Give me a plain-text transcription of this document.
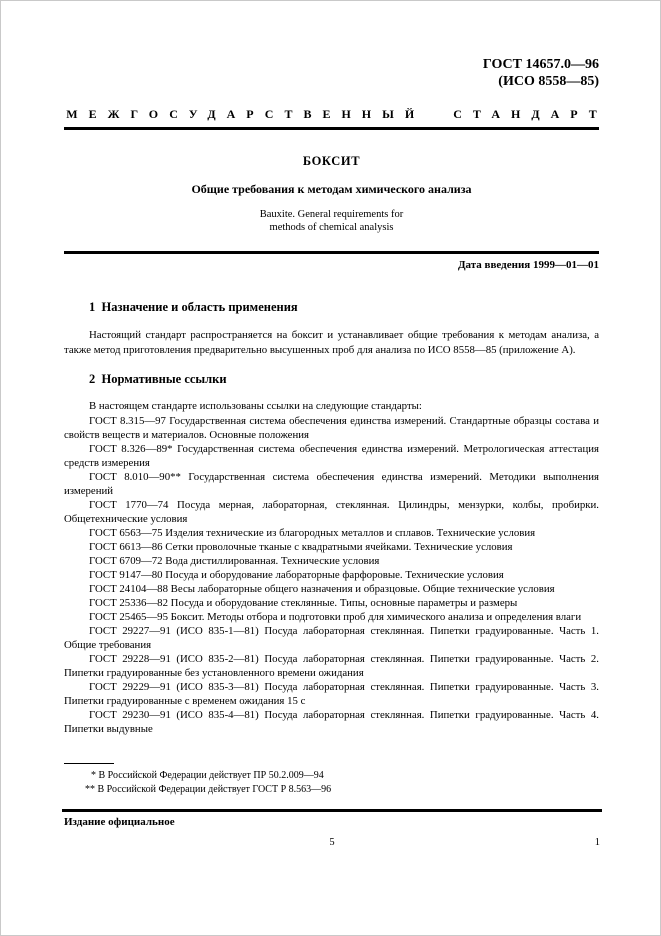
ГОСТ 14657.0—96
(ИСО 8558—85)
МЕЖГОСУДАРСТВЕННЫЙ СТАНДАРТ
БОКСИТ
Общие требования к методам химического анализа
Bauxite. General requirements for
methods of chemical analysis
Дата введения 1999—01—01
1  Назначение и область применения

Настоящий стандарт распространяется на боксит и устанавливает общие требования к методам анализа, а также метод приготовления предварительно высушенных проб для анализа по ИСО 8558—85 (приложение А).

2  Нормативные ссылки

В настоящем стандарте использованы ссылки на следующие стандарты:

ГОСТ 8.315—97 Государственная система обеспечения единства измерений. Стандартные образцы состава и свойств веществ и материалов. Основные положения

ГОСТ 8.326—89* Государственная система обеспечения единства измерений. Метрологическая аттестация средств измерения

ГОСТ 8.010—90** Государственная система обеспечения единства измерений. Методики выполнения измерений

ГОСТ 1770—74 Посуда мерная, лабораторная, стеклянная. Цилиндры, мензурки, колбы, пробирки. Общетехнические условия

ГОСТ 6563—75 Изделия технические из благородных металлов и сплавов. Технические условия

ГОСТ 6613—86 Сетки проволочные тканые с квадратными ячейками. Технические условия

ГОСТ 6709—72 Вода дистиллированная. Технические условия

ГОСТ 9147—80 Посуда и оборудование лабораторные фарфоровые. Технические условия

ГОСТ 24104—88 Весы лабораторные общего назначения и образцовые. Общие технические условия

ГОСТ 25336—82 Посуда и оборудование стеклянные. Типы, основные параметры и размеры

ГОСТ 25465—95 Боксит. Методы отбора и подготовки проб для химического анализа и определения влаги

ГОСТ 29227—91 (ИСО 835-1—81) Посуда лабораторная стеклянная. Пипетки градуированные. Часть 1. Общие требования

ГОСТ 29228—91 (ИСО 835-2—81) Посуда лабораторная стеклянная. Пипетки градуированные. Часть 2. Пипетки градуированные без установленного времени ожидания

ГОСТ 29229—91 (ИСО 835-3—81) Посуда лабораторная стеклянная. Пипетки градуированные. Часть 3. Пипетки градуированные с временем ожидания 15 с

ГОСТ 29230—91 (ИСО 835-4—81) Посуда лабораторная стеклянная. Пипетки градуированные. Часть 4. Пипетки выдувные

* В Российской Федерации действует ПР 50.2.009—94
** В Российской Федерации действует ГОСТ Р 8.563—96
Издание официальное
5	1
